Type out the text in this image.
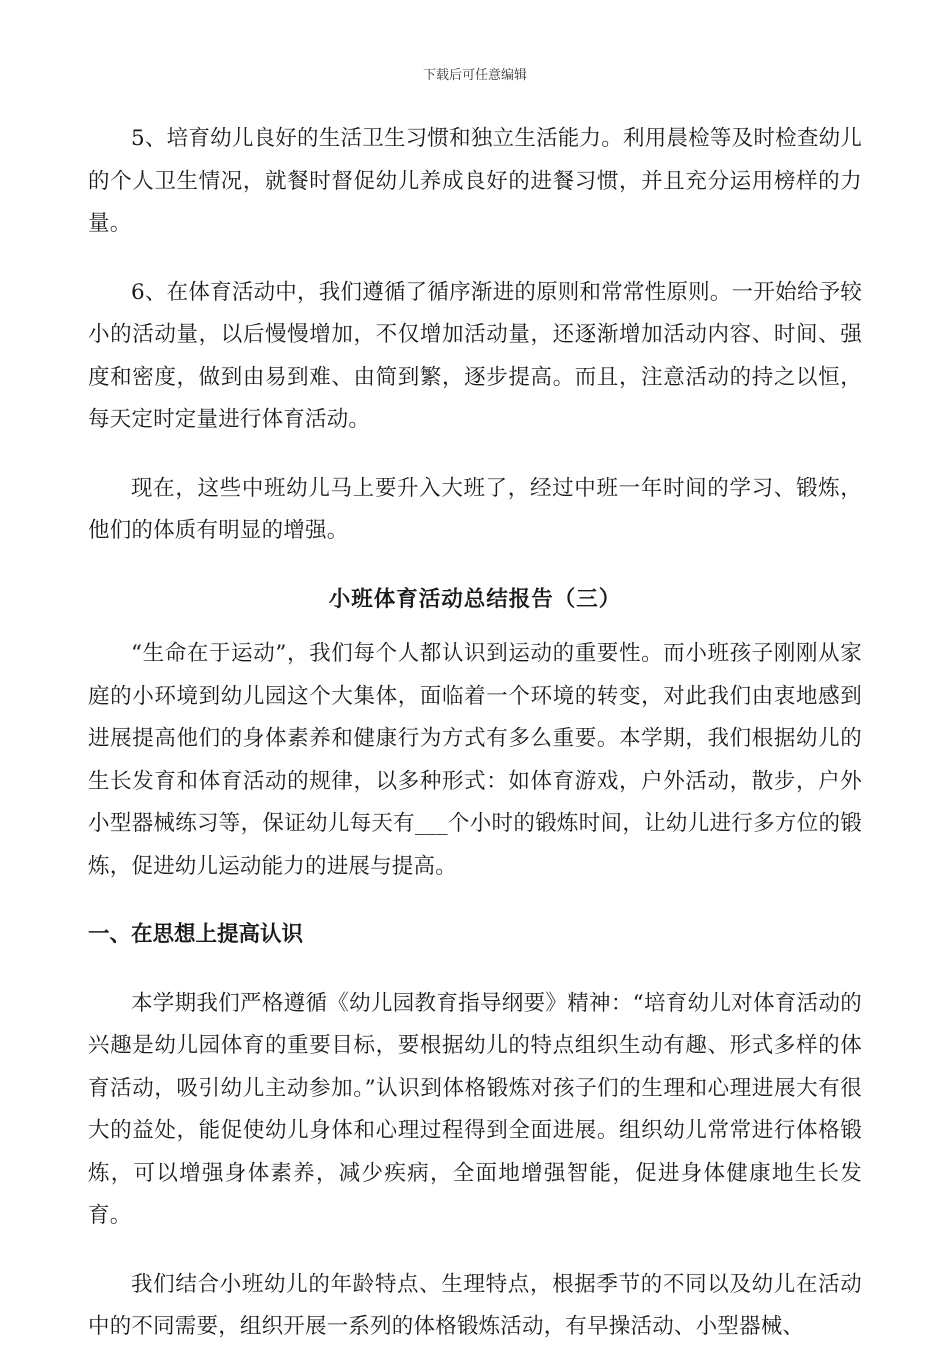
下载后可任意编辑

5、培育幼儿良好的生活卫生习惯和独立生活能力。利用晨检等及时检查幼儿的个人卫生情况，就餐时督促幼儿养成良好的进餐习惯，并且充分运用榜样的力量。

6、在体育活动中，我们遵循了循序渐进的原则和常常性原则。一开始给予较小的活动量，以后慢慢增加，不仅增加活动量，还逐渐增加活动内容、时间、强度和密度，做到由易到难、由简到繁，逐步提高。而且，注意活动的持之以恒，每天定时定量进行体育活动。

现在，这些中班幼儿马上要升入大班了，经过中班一年时间的学习、锻炼，他们的体质有明显的增强。

小班体育活动总结报告（三）

“生命在于运动”，我们每个人都认识到运动的重要性。而小班孩子刚刚从家庭的小环境到幼儿园这个大集体，面临着一个环境的转变，对此我们由衷地感到进展提高他们的身体素养和健康行为方式有多么重要。本学期，我们根据幼儿的生长发育和体育活动的规律，以多种形式：如体育游戏，户外活动，散步，户外小型器械练习等，保证幼儿每天有___个小时的锻炼时间，让幼儿进行多方位的锻炼，促进幼儿运动能力的进展与提高。

一、在思想上提高认识

本学期我们严格遵循《幼儿园教育指导纲要》精神：“培育幼儿对体育活动的兴趣是幼儿园体育的重要目标，要根据幼儿的特点组织生动有趣、形式多样的体育活动，吸引幼儿主动参加。”认识到体格锻炼对孩子们的生理和心理进展大有很大的益处，能促使幼儿身体和心理过程得到全面进展。组织幼儿常常进行体格锻炼，可以增强身体素养，减少疾病，全面地增强智能，促进身体健康地生长发育。

我们结合小班幼儿的年龄特点、生理特点，根据季节的不同以及幼儿在活动中的不同需要，组织开展一系列的体格锻炼活动，有早操活动、小型器械、
